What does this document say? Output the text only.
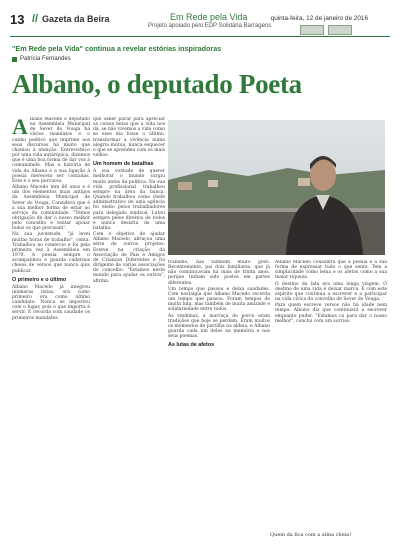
13 // Gazeta da Beira	Em Rede pela Vida
Projeto apoiado pelo EDP Solidária Barragens
quinta-feira, 12 de janeiro de 2016
"Em Rede pela Vida" continua a revelar estórias inspiradoras
Patrícia Fernandes
Albano, o deputado Poeta

Albano Macedo é deputado na Assembleia Municipal de Sever do Vouga há vários mandatos e o cunho poético que imprime aos seus discursos há muito que chamou à atenção. Entrevistei-o por uma vida autárquica, dizemos que é uma boa forma de dar voz à comunidade. Mas a história de vida do Albano e a sua ligação à poesia merecem ser contadas. Este é o seu percurso.

Albano Macedo tem 66 anos e é um dos elementos mais antigos da Assembleia Municipal de Sever do Vouga. Considera que é a sua melhor forma de estar ao serviço da comunidade. "Temos obrigação de dar o nosso melhor pelo concelho e tentar apoiar todos os que precisam".

Na sua juventude, "já levei muitas horas de trabalho", conta. Trabalhou no comércio e foi pela primeira vez à Assembleia em 1979. A poesia sempre o acompanhou e guarda cadernos cheios de versos que nunca quis publicar.

O primeiro e o último

Albano Macedo já integrou inúmeras listas, ora como primeiro ora como último candidato. Nunca se importou com o lugar, pois o que importa é servir. E recorda com saudade os primeiros mandatos.

que saber parar para apreciar as coisas belas que a vida nos dá, se não vivemos a vida como se esse dia fosse o último, transformar a vivência numa alegria mútua, nunca esquecer o que se aprendeu com os mais velhos.

Um homem de batalhas

A sua vontade de querer melhorar o mundo surgiu muito antes da política. Na sua vida profissional trabalhou sempre na área da banca. Quando trabalhou como chefe administrativo de uma agência foi eleito pelos trabalhadores para delegado sindical. Lutou sempre pelos direitos de todos e nunca desistiu de uma batalha.

Com o objetivo de ajudar Albano Macedo, abraçou uma série de outros projetos. Esteve na criação da Associação de Pais e Amigos de Crianças Diferentes e foi dirigente de várias associações do concelho. "Estamos neste mundo para ajudar os outros", afirma.

trabalho, nas tambem muito gozo. Recentemente, pai dois familiares, que já não comunicavam há mais de trinta anos, porque tinham sido postos em partes diferentes.

Um tempo que passou e deixa saudades. Com nostalgia que Albano Macedo recorda um tempo que passou. Foram tempos de muita luta, mas também de muita amizade e solidariedade entre todos.

As vindimas, a marraça do porco eram tradições que hoje se perdem. Eram muitos os momentos de partilha na aldeia, e Albano guarda cada um deles na memória e nos seus poemas.

As lutas de afetos

Albano Macedo considera que a poesia é a sua forma de expressar tudo o que sente. Tem a simplicidade como lema e os afetos como a sua maior riqueza.

O destino da lata era uma longa viagem. O destino de uma vida é deixar marca. É com este espírito que continua a escrever e a participar na vida cívica do concelho de Sever do Vouga.

Para quem escreve versos não há idade nem tempo. Albano diz que continuará a escrever enquanto puder. "Estamos cá para dar o nosso melhor", conclui com um sorriso.

Quem da fica com a alma cheia!
